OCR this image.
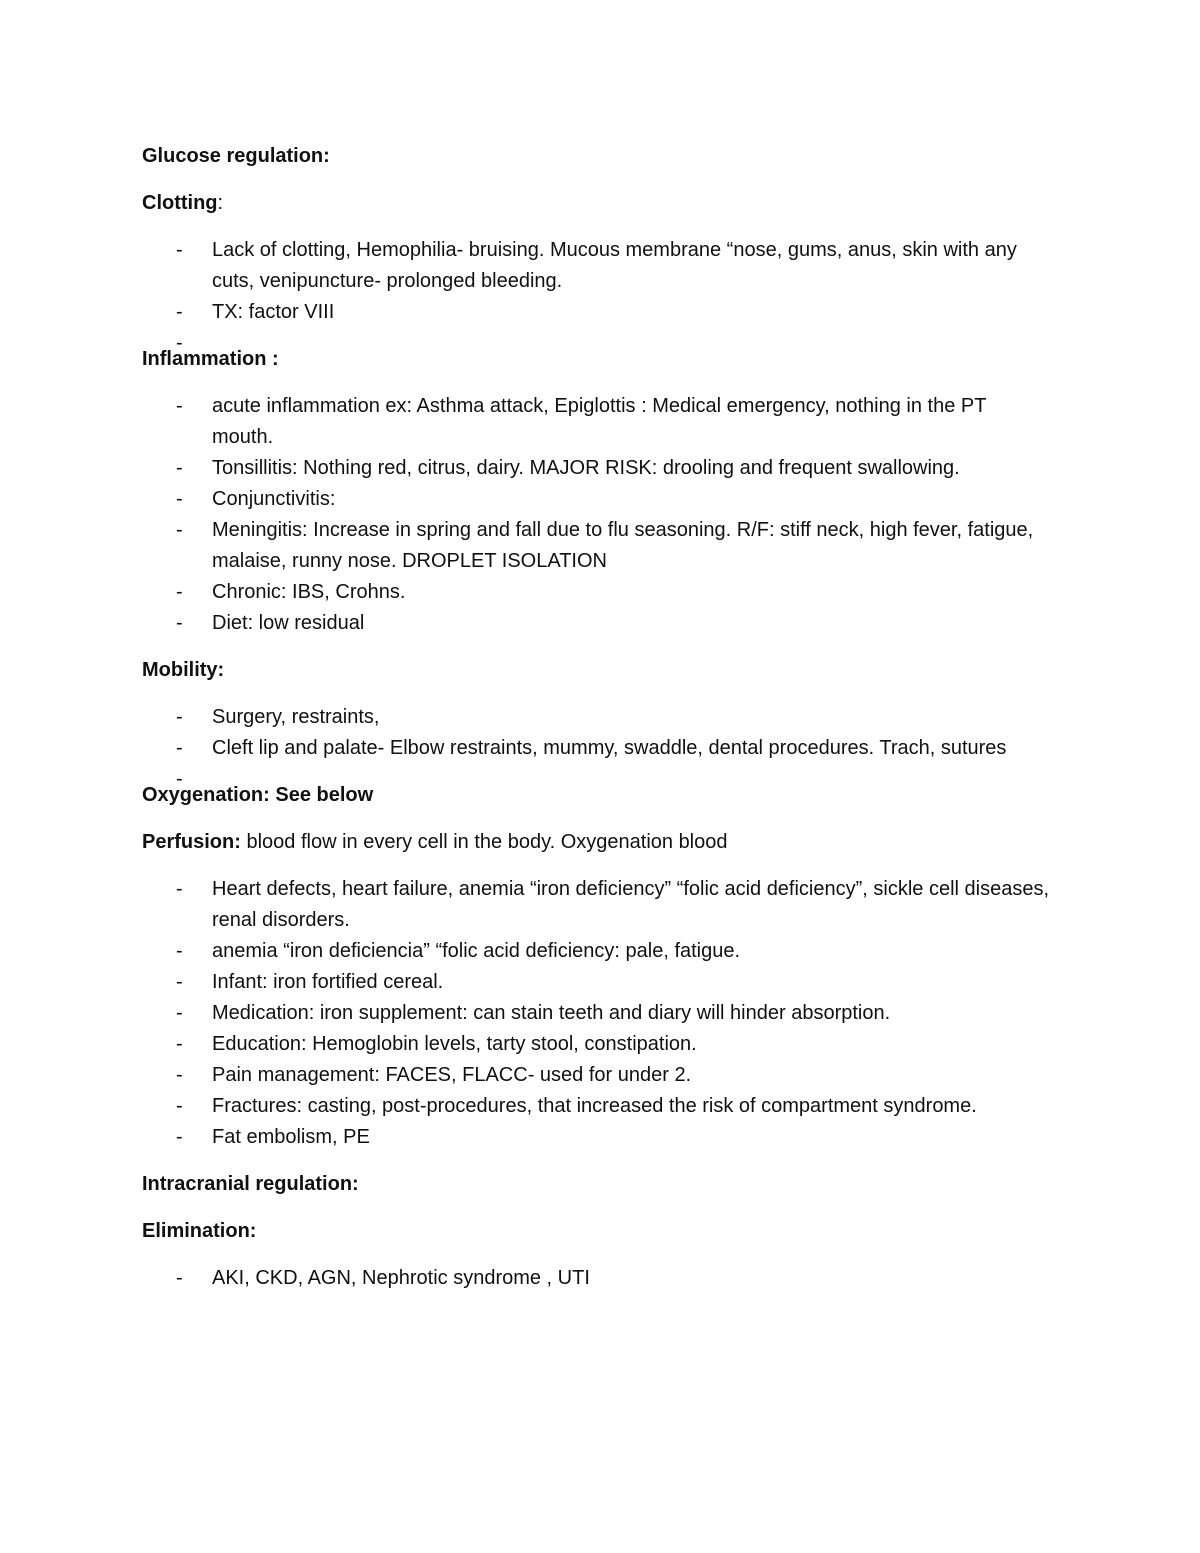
Glucose regulation:

Clotting:

- Lack of clotting, Hemophilia- bruising. Mucous membrane “nose, gums, anus, skin with any cuts, venipuncture- prolonged bleeding.
- TX: factor VIII

Inflammation :

- acute inflammation ex: Asthma attack, Epiglottis : Medical emergency, nothing in the PT mouth.
- Tonsillitis: Nothing red, citrus, dairy. MAJOR RISK: drooling and frequent swallowing.
- Conjunctivitis:
- Meningitis: Increase in spring and fall due to flu seasoning. R/F: stiff neck, high fever, fatigue, malaise, runny nose. DROPLET ISOLATION
- Chronic: IBS, Crohns.
- Diet: low residual

Mobility:

- Surgery, restraints,
- Cleft lip and palate- Elbow restraints, mummy, swaddle, dental procedures. Trach, sutures

Oxygenation: See below

Perfusion: blood flow in every cell in the body. Oxygenation blood

- Heart defects, heart failure, anemia “iron deficiency” “folic acid deficiency”, sickle cell diseases, renal disorders.
- anemia “iron deficiencia” “folic acid deficiency: pale, fatigue.
- Infant: iron fortified cereal.
- Medication: iron supplement: can stain teeth and diary will hinder absorption.
- Education: Hemoglobin levels, tarty stool, constipation.
- Pain management: FACES, FLACC- used for under 2.
- Fractures: casting, post-procedures, that increased the risk of compartment syndrome.
- Fat embolism, PE

Intracranial regulation:

Elimination:

- AKI, CKD, AGN, Nephrotic syndrome , UTI
